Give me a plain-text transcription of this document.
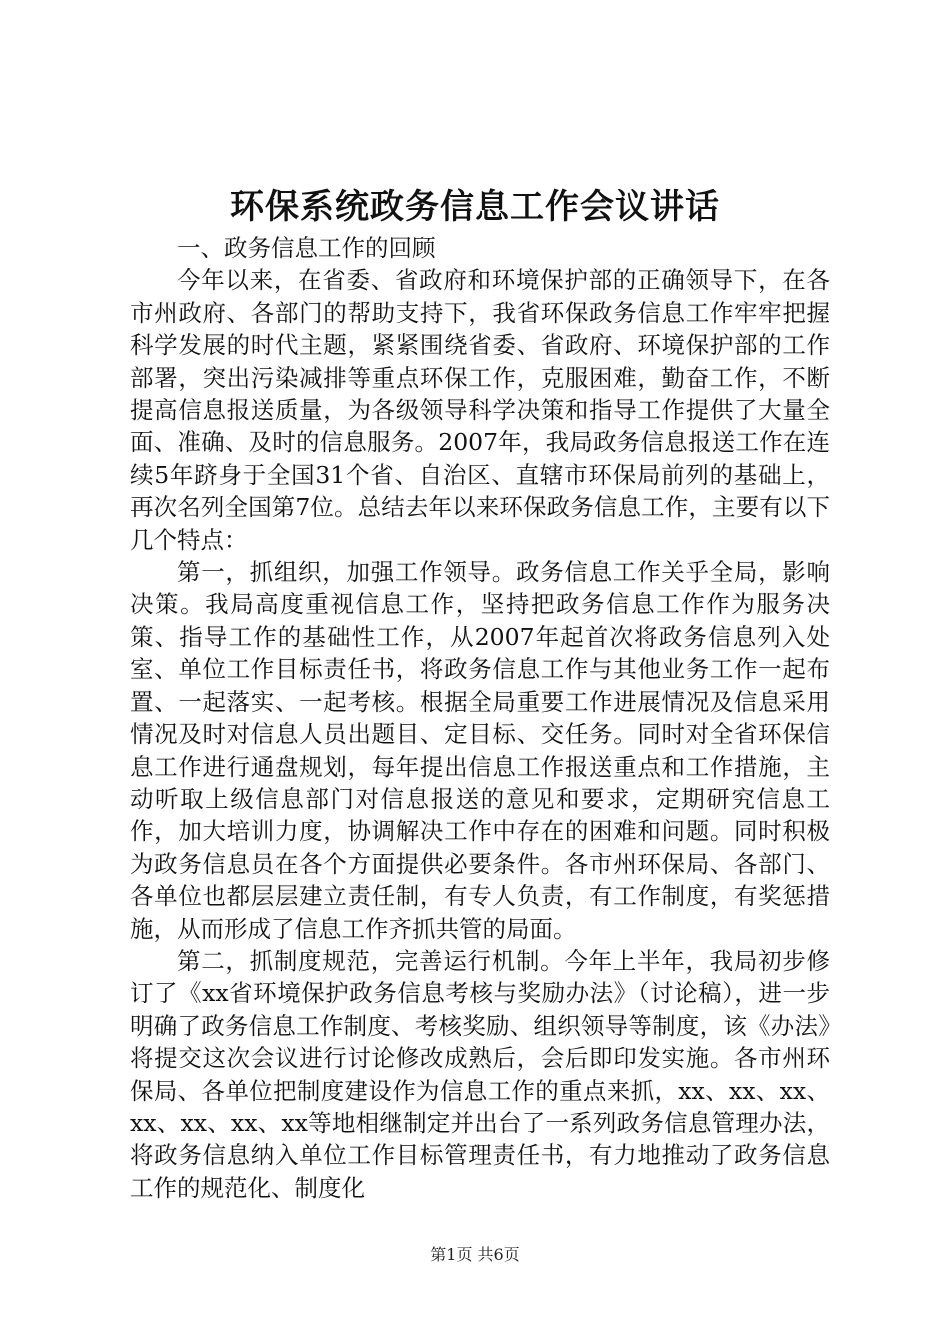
环保系统政务信息工作会议讲话

一、政务信息工作的回顾

今年以来，在省委、省政府和环境保护部的正确领导下，在各市州政府、各部门的帮助支持下，我省环保政务信息工作牢牢把握科学发展的时代主题，紧紧围绕省委、省政府、环境保护部的工作部署，突出污染减排等重点环保工作，克服困难，勤奋工作，不断提高信息报送质量，为各级领导科学决策和指导工作提供了大量全面、准确、及时的信息服务。2007年，我局政务信息报送工作在连续5年跻身于全国31个省、自治区、直辖市环保局前列的基础上，再次名列全国第7位。总结去年以来环保政务信息工作，主要有以下几个特点：

第一，抓组织，加强工作领导。政务信息工作关乎全局，影响决策。我局高度重视信息工作，坚持把政务信息工作作为服务决策、指导工作的基础性工作，从2007年起首次将政务信息列入处室、单位工作目标责任书，将政务信息工作与其他业务工作一起布置、一起落实、一起考核。根据全局重要工作进展情况及信息采用情况及时对信息人员出题目、定目标、交任务。同时对全省环保信息工作进行通盘规划，每年提出信息工作报送重点和工作措施，主动听取上级信息部门对信息报送的意见和要求，定期研究信息工作，加大培训力度，协调解决工作中存在的困难和问题。同时积极为政务信息员在各个方面提供必要条件。各市州环保局、各部门、各单位也都层层建立责任制，有专人负责，有工作制度，有奖惩措施，从而形成了信息工作齐抓共管的局面。

第二，抓制度规范，完善运行机制。今年上半年，我局初步修订了《xx省环境保护政务信息考核与奖励办法》（讨论稿），进一步明确了政务信息工作制度、考核奖励、组织领导等制度，该《办法》将提交这次会议进行讨论修改成熟后，会后即印发实施。各市州环保局、各单位把制度建设作为信息工作的重点来抓，xx、xx、xx、xx、xx、xx、xx等地相继制定并出台了一系列政务信息管理办法，将政务信息纳入单位工作目标管理责任书，有力地推动了政务信息工作的规范化、制度化

第1页 共6页
